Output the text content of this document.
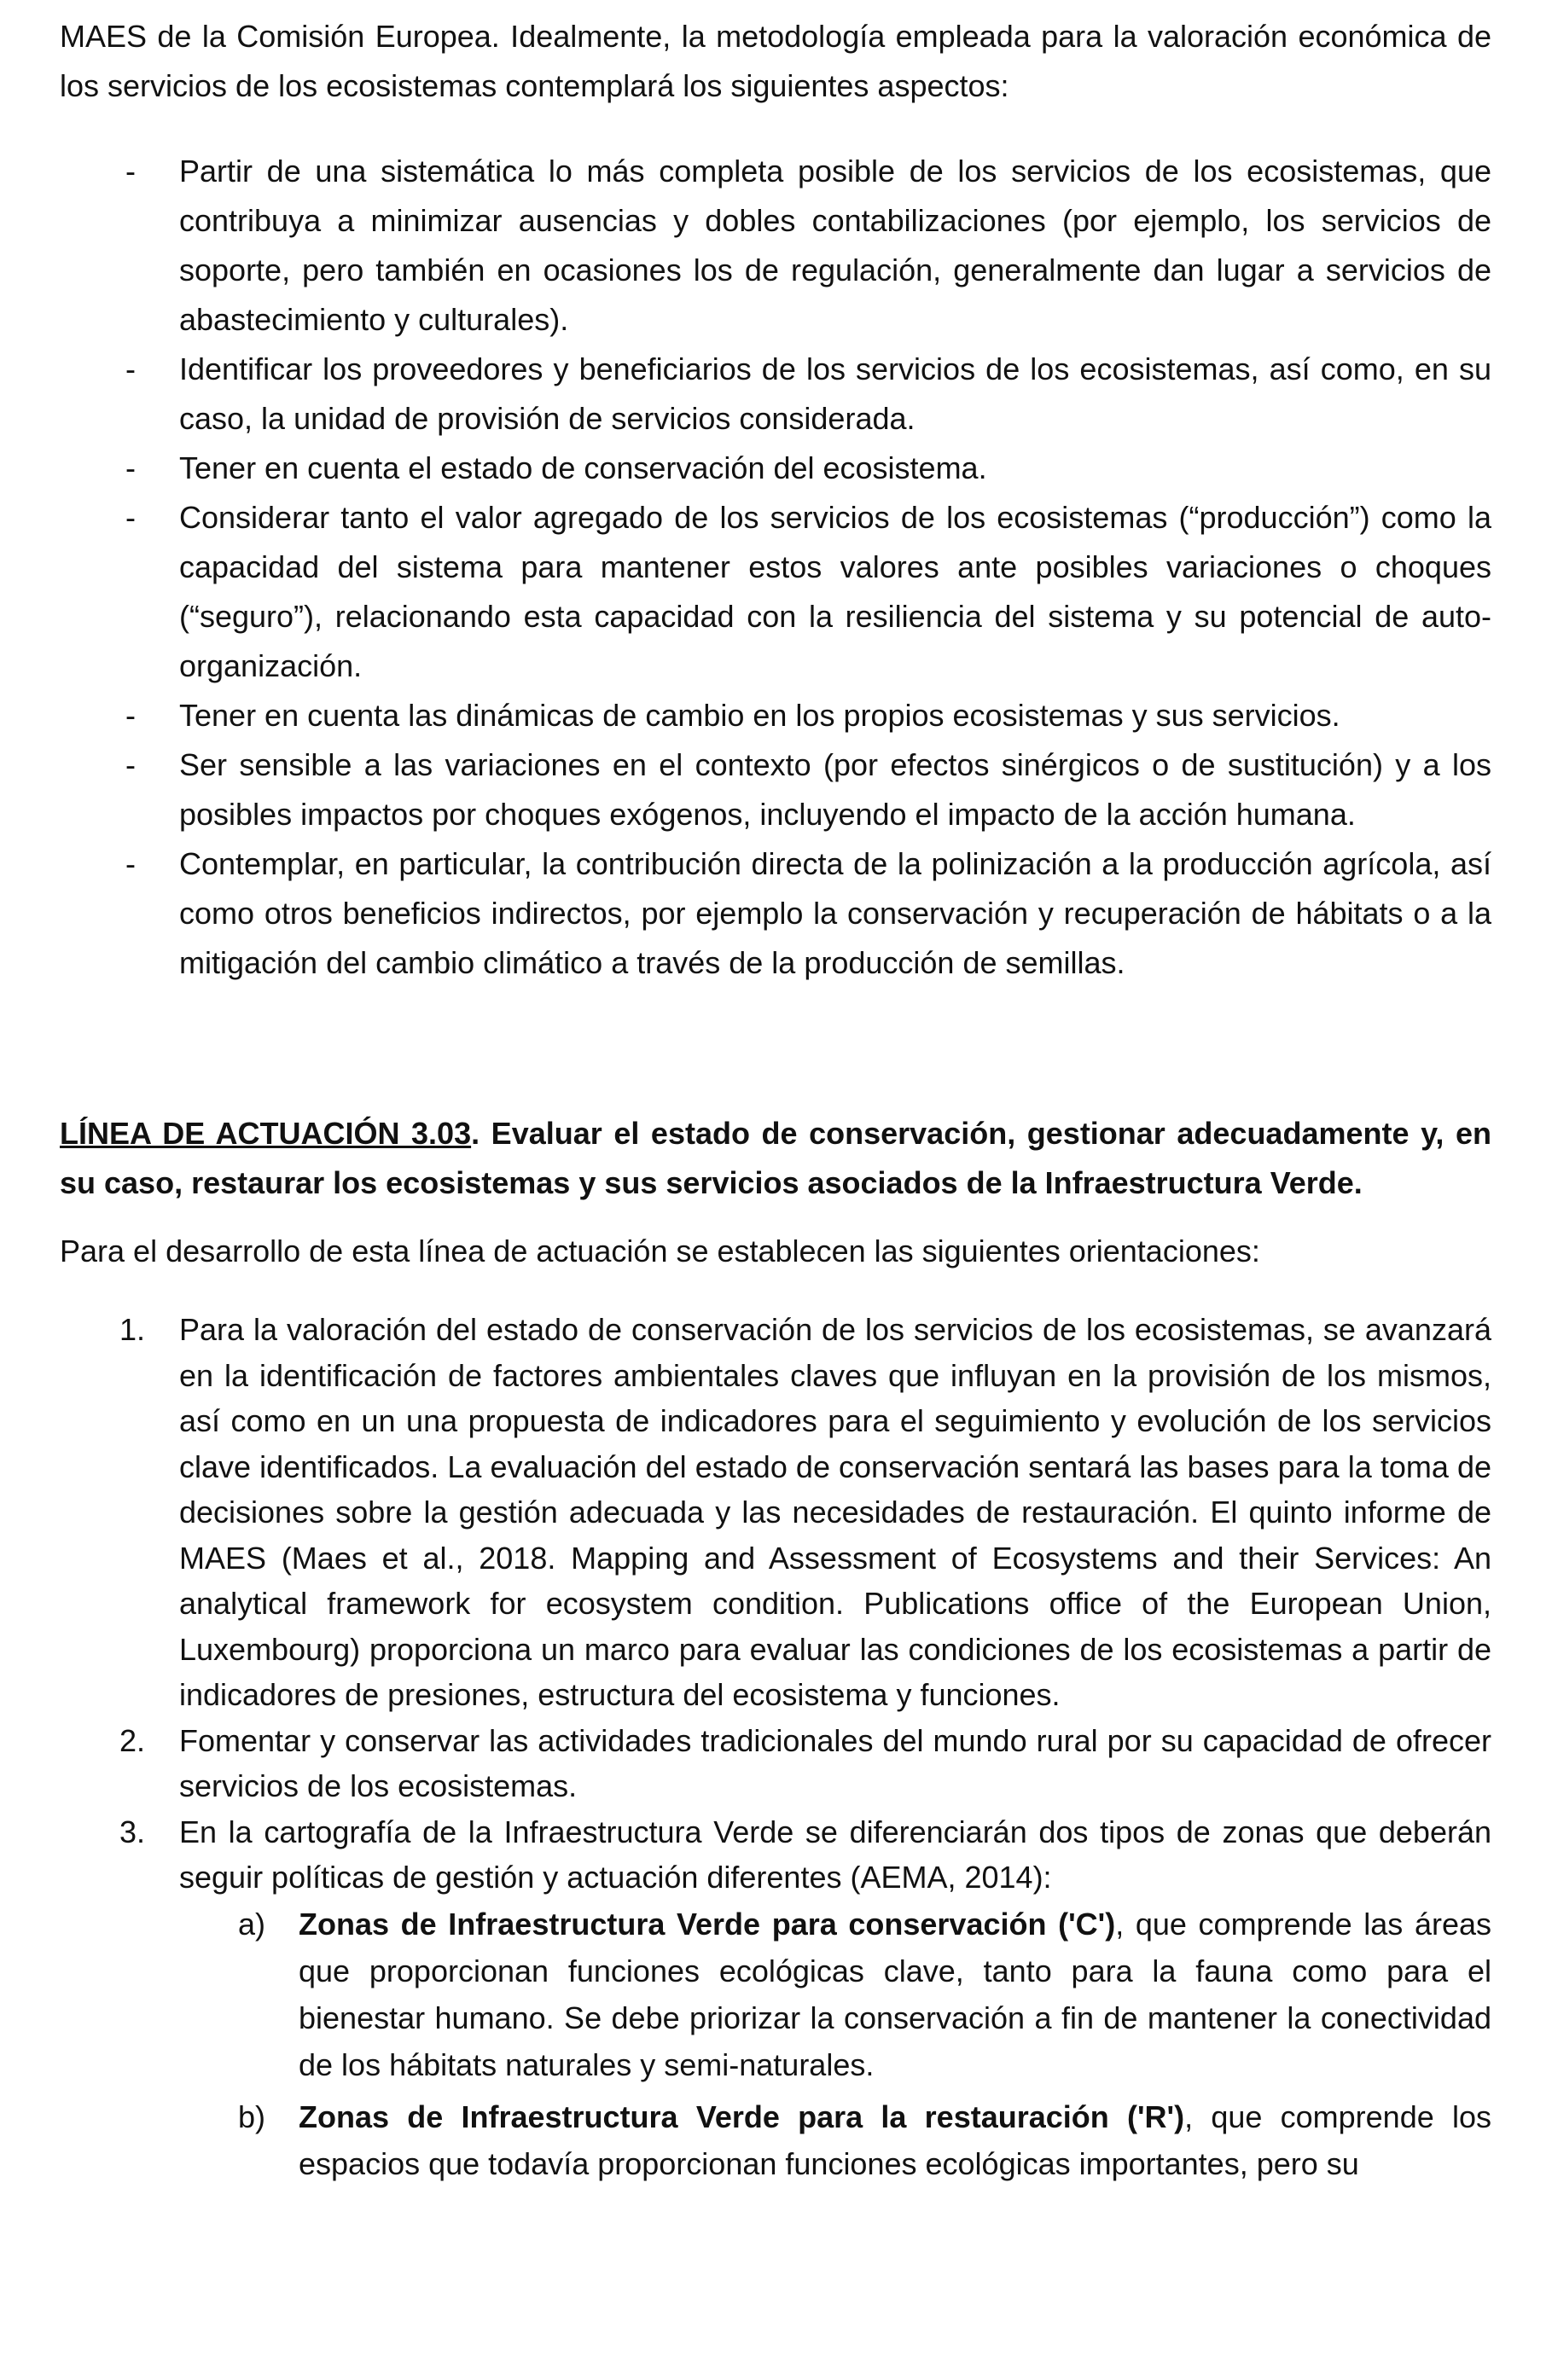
MAES de la Comisión Europea. Idealmente, la metodología empleada para la valoración económica de los servicios de los ecosistemas contemplará los siguientes aspectos:

- Partir de una sistemática lo más completa posible de los servicios de los ecosistemas, que contribuya a minimizar ausencias y dobles contabilizaciones (por ejemplo, los servicios de soporte, pero también en ocasiones los de regulación, generalmente dan lugar a servicios de abastecimiento y culturales).
- Identificar los proveedores y beneficiarios de los servicios de los ecosistemas, así como, en su caso, la unidad de provisión de servicios considerada.
- Tener en cuenta el estado de conservación del ecosistema.
- Considerar tanto el valor agregado de los servicios de los ecosistemas (“producción”) como la capacidad del sistema para mantener estos valores ante posibles variaciones o choques (“seguro”), relacionando esta capacidad con la resiliencia del sistema y su potencial de auto-organización.
- Tener en cuenta las dinámicas de cambio en los propios ecosistemas y sus servicios.
- Ser sensible a las variaciones en el contexto (por efectos sinérgicos o de sustitución) y a los posibles impactos por choques exógenos, incluyendo el impacto de la acción humana.
- Contemplar, en particular, la contribución directa de la polinización a la producción agrícola, así como otros beneficios indirectos, por ejemplo la conservación y recuperación de hábitats o a la mitigación del cambio climático a través de la producción de semillas.

LÍNEA DE ACTUACIÓN 3.03. Evaluar el estado de conservación, gestionar adecuadamente y, en su caso, restaurar los ecosistemas y sus servicios asociados de la Infraestructura Verde.

Para el desarrollo de esta línea de actuación se establecen las siguientes orientaciones:

1. Para la valoración del estado de conservación de los servicios de los ecosistemas, se avanzará en la identificación de factores ambientales claves que influyan en la provisión de los mismos, así como en un una propuesta de indicadores para el seguimiento y evolución de los servicios clave identificados. La evaluación del estado de conservación sentará las bases para la toma de decisiones sobre la gestión adecuada y las necesidades de restauración. El quinto informe de MAES (Maes et al., 2018. Mapping and Assessment of Ecosystems and their Services: An analytical framework for ecosystem condition. Publications office of the European Union, Luxembourg) proporciona un marco para evaluar las condiciones de los ecosistemas a partir de indicadores de presiones, estructura del ecosistema y funciones.
2. Fomentar y conservar las actividades tradicionales del mundo rural por su capacidad de ofrecer servicios de los ecosistemas.
3. En la cartografía de la Infraestructura Verde se diferenciarán dos tipos de zonas que deberán seguir políticas de gestión y actuación diferentes (AEMA, 2014):
a) Zonas de Infraestructura Verde para conservación ('C'), que comprende las áreas que proporcionan funciones ecológicas clave, tanto para la fauna como para el bienestar humano. Se debe priorizar la conservación a fin de mantener la conectividad de los hábitats naturales y semi-naturales.
b) Zonas de Infraestructura Verde para la restauración ('R'), que comprende los espacios que todavía proporcionan funciones ecológicas importantes, pero su
